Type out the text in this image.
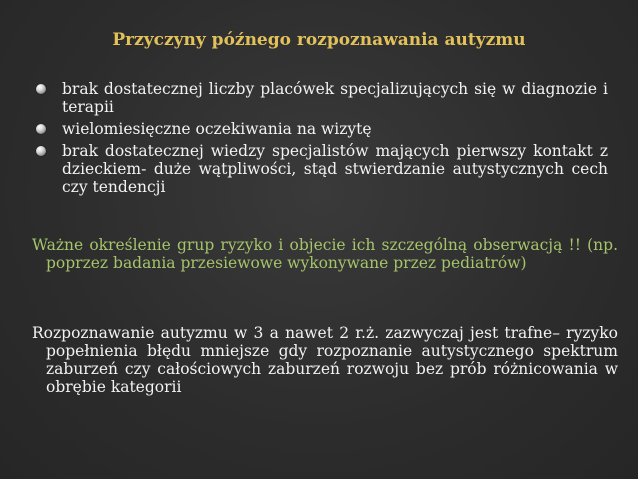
Przyczyny późnego rozpoznawania autyzmu
brak dostatecznej liczby placówek specjalizujących się w diagnozie i terapii
wielomiesięczne oczekiwania na wizytę
brak dostatecznej wiedzy specjalistów mających pierwszy kontakt z dzieckiem- duże wątpliwości, stąd stwierdzanie autystycznych cech czy tendencji
Ważne określenie grup ryzyko i objecie ich szczególną obserwacją !! (np. poprzez badania przesiewowe wykonywane przez pediatrów)
Rozpoznawanie autyzmu w 3 a nawet 2 r.ż. zazwyczaj jest trafne– ryzyko popełnienia błędu mniejsze gdy rozpoznanie autystycznego spektrum zaburzeń czy całościowych zaburzeń rozwoju bez prób różnicowania w obrębie kategorii
